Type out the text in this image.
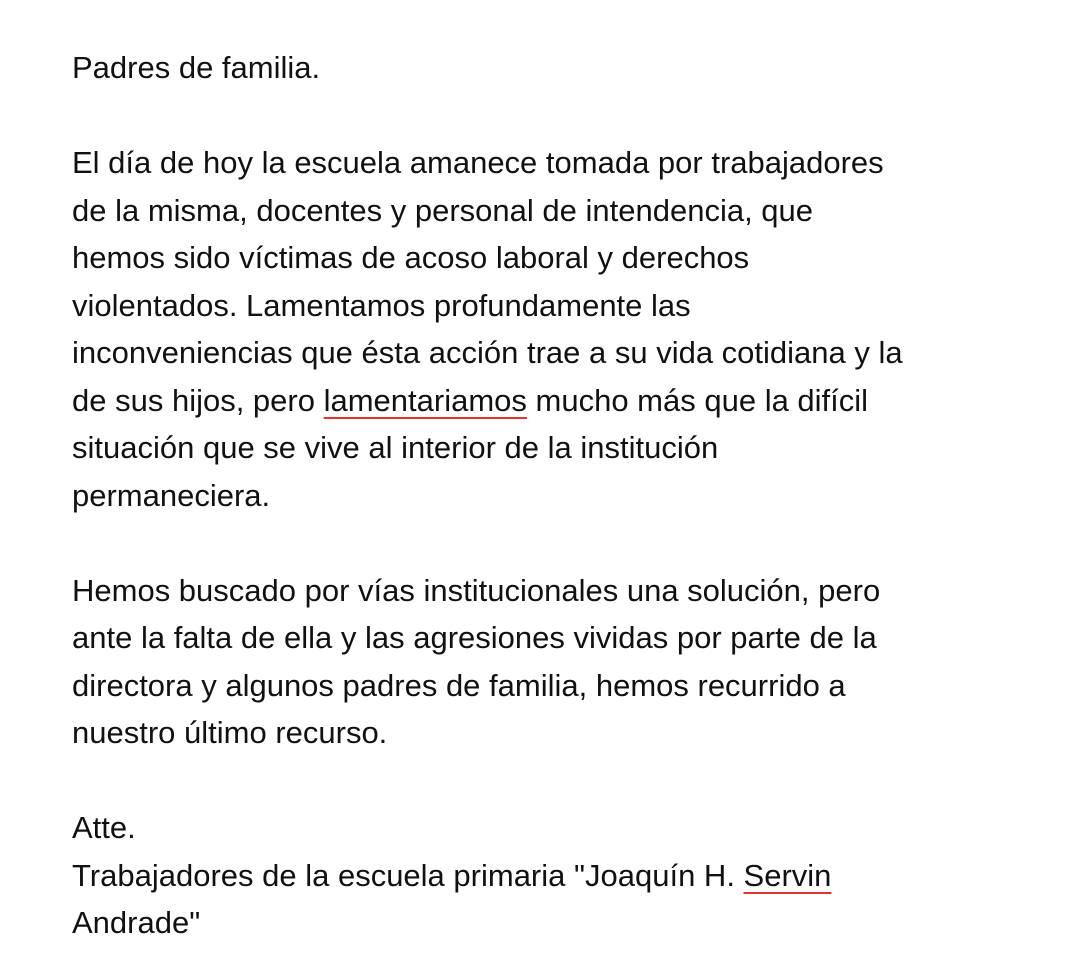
Padres de familia.
El día de hoy la escuela amanece tomada por trabajadores
de la misma, docentes y personal de intendencia, que
hemos sido víctimas de acoso laboral y derechos
violentados. Lamentamos profundamente las
inconveniencias que ésta acción trae a su vida cotidiana y la
de sus hijos, pero lamentariamos mucho más que la difícil
situación que se vive al interior de la institución
permaneciera.
Hemos buscado por vías institucionales una solución, pero
ante la falta de ella y las agresiones vividas por parte de la
directora y algunos padres de familia, hemos recurrido a
nuestro último recurso.
Atte.
Trabajadores de la escuela primaria "Joaquín H. Servin
Andrade"
